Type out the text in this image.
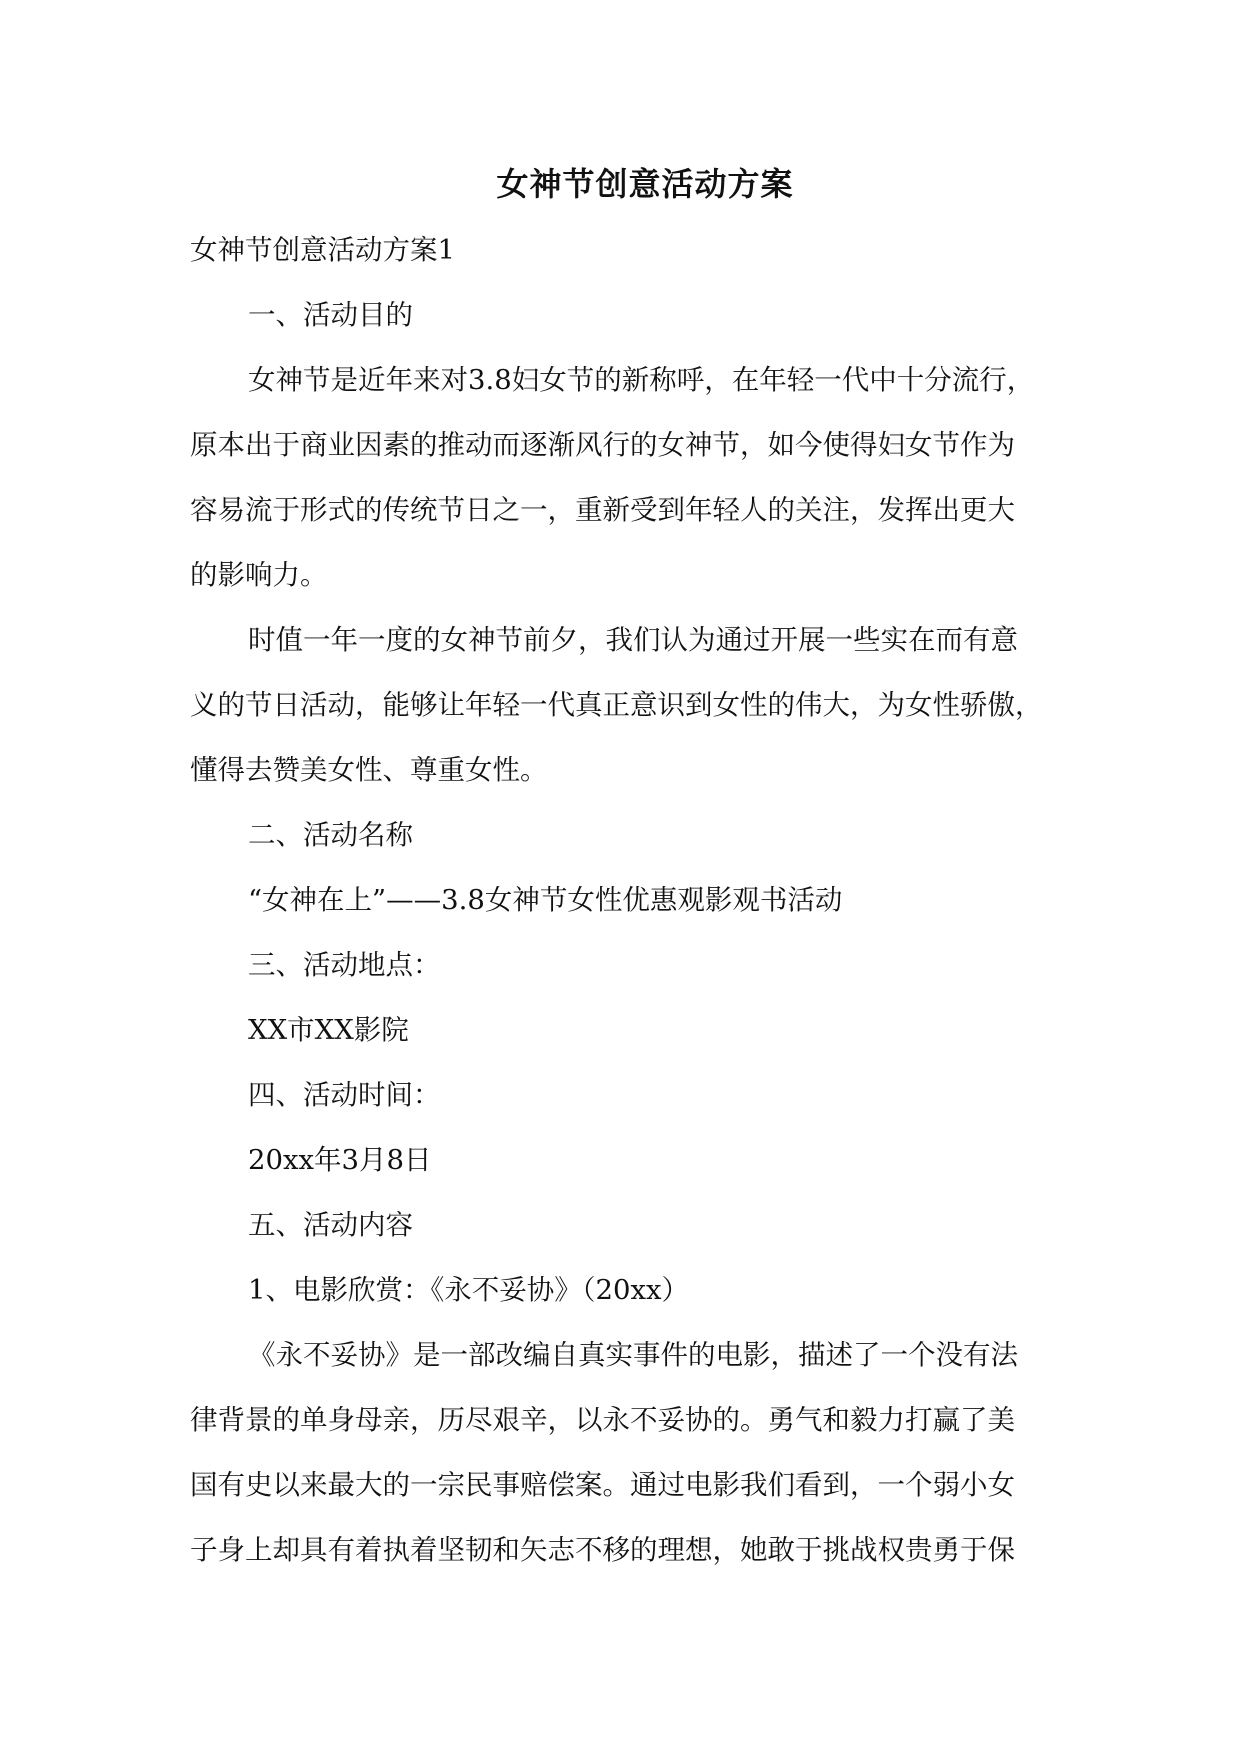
女神节创意活动方案

女神节创意活动方案1

一、活动目的

女神节是近年来对3.8妇女节的新称呼，在年轻一代中十分流行，
原本出于商业因素的推动而逐渐风行的女神节，如今使得妇女节作为
容易流于形式的传统节日之一，重新受到年轻人的关注，发挥出更大
的影响力。
时值一年一度的女神节前夕，我们认为通过开展一些实在而有意
义的节日活动，能够让年轻一代真正意识到女性的伟大，为女性骄傲，
懂得去赞美女性、尊重女性。

二、活动名称

“女神在上”——3.8女神节女性优惠观影观书活动

三、活动地点：

XX市XX影院

四、活动时间：

20xx年3月8日

五、活动内容

1、电影欣赏：《永不妥协》（20xx）

《永不妥协》是一部改编自真实事件的电影，描述了一个没有法
律背景的单身母亲，历尽艰辛，以永不妥协的。勇气和毅力打赢了美
国有史以来最大的一宗民事赔偿案。通过电影我们看到，一个弱小女
子身上却具有着执着坚韧和矢志不移的理想，她敢于挑战权贵勇于保
